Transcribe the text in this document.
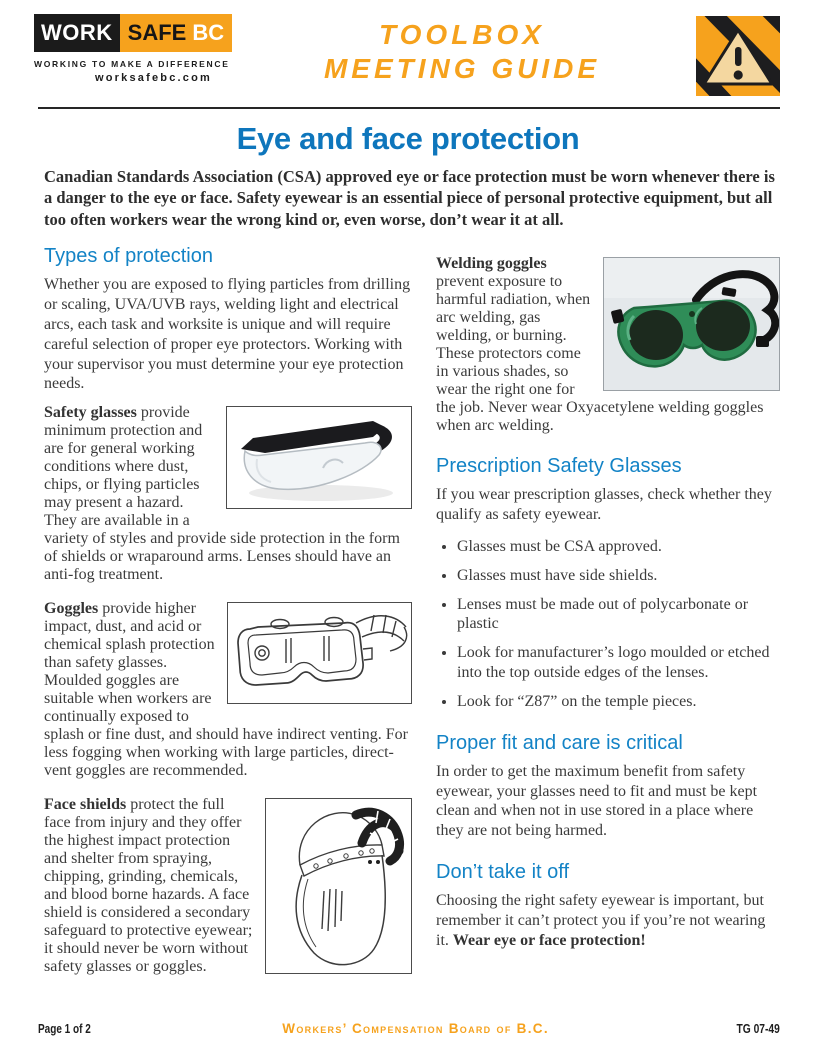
WORK SAFE BC
WORKING TO MAKE A DIFFERENCE
worksafebc.com
TOOLBOX
MEETING GUIDE
Eye and face protection

Canadian Standards Association (CSA) approved eye or face protection must be worn whenever there is a danger to the eye or face. Safety eyewear is an essential piece of personal protective equipment, but all too often workers wear the wrong kind or, even worse, don’t wear it at all.

Types of protection

Whether you are exposed to flying particles from drilling or scaling, UVA/UVB rays, welding light and electrical arcs, each task and worksite is unique and will require careful selection of proper eye protectors. Working with your supervisor you must determine your eye protection needs.

Safety glasses provide minimum protection and are for general working conditions where dust, chips, or flying particles may present a hazard. They are available in a variety of styles and provide side protection in the form of shields or wraparound arms. Lenses should have an anti-fog treatment.

Goggles provide higher impact, dust, and acid or chemical splash protection than safety glasses. Moulded goggles are suitable when workers are continually exposed to splash or fine dust, and should have indirect venting. For less fogging when working with large particles, direct-vent goggles are recommended.

Face shields protect the full face from injury and they offer the highest impact protection and shelter from spraying, chipping, grinding, chemicals, and blood borne hazards. A face shield is considered a secondary safeguard to protective eyewear; it should never be worn without safety glasses or goggles.

Welding goggles prevent exposure to harmful radiation, when arc welding, gas welding, or burning. These protectors come in various shades, so wear the right one for the job. Never wear Oxyacetylene welding goggles when arc welding.

Prescription Safety Glasses

If you wear prescription glasses, check whether they qualify as safety eyewear.

• Glasses must be CSA approved.
• Glasses must have side shields.
• Lenses must be made out of polycarbonate or plastic
• Look for manufacturer’s logo moulded or etched into the top outside edges of the lenses.
• Look for “Z87” on the temple pieces.
Proper fit and care is critical

In order to get the maximum benefit from safety eyewear, your glasses need to fit and must be kept clean and when not in use stored in a place where they are not being harmed.

Don’t take it off

Choosing the right safety eyewear is important, but remember it can’t protect you if you’re not wearing it. Wear eye or face protection!

Page 1 of 2	Workers’ Compensation Board of B.C.	TG 07-49
